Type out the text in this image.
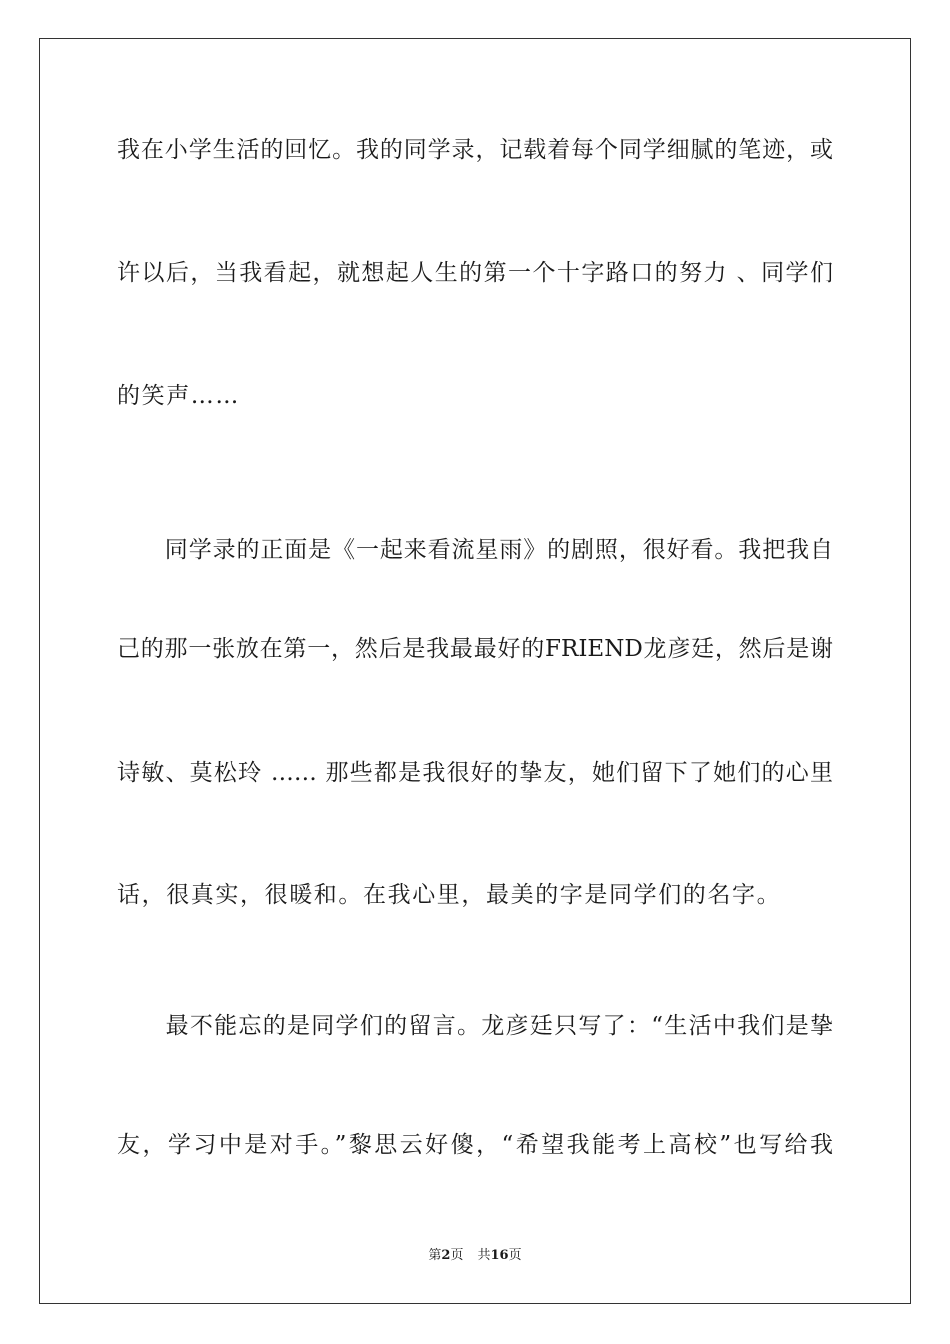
我在小学生活的回忆。我的同学录，记载着每个同学细腻的笔迹，或

许以后，当我看起，就想起人生的第一个十字路口的努力 、同学们

的笑声……

　　同学录的正面是《一起来看流星雨》的剧照，很好看。我把我自

己的那一张放在第一，然后是我最最好的FRIEND龙彦廷，然后是谢

诗敏、莫松玲 …… 那些都是我很好的挚友，她们留下了她们的心里

话，很真实，很暖和。在我心里，最美的字是同学们的名字。

　　最不能忘的是同学们的留言。龙彦廷只写了：“生活中我们是挚

友，学习中是对手。”黎思云好傻，“希望我能考上高校”也写给我

第2页 共16页
